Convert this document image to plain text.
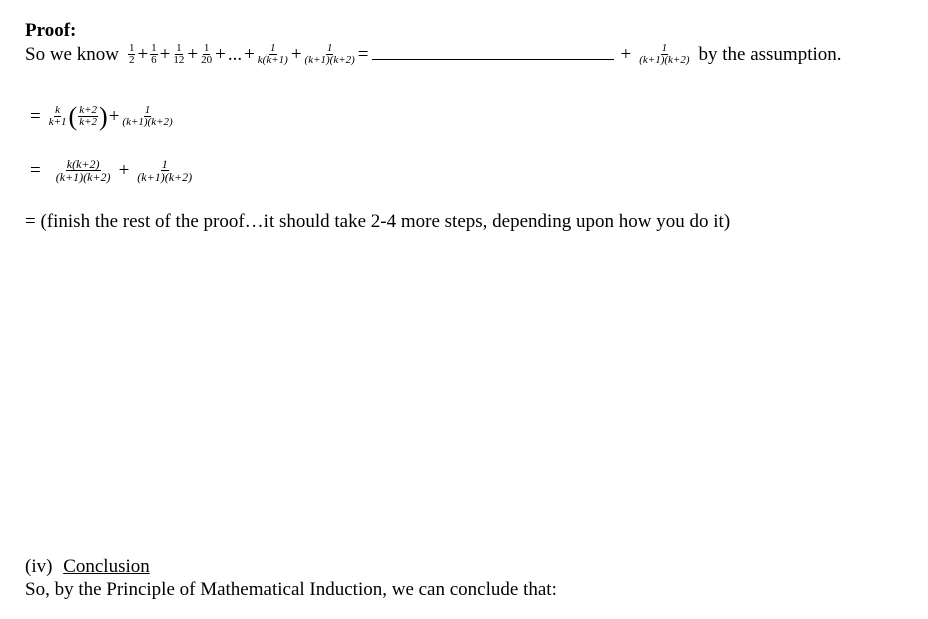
Proof:
So we know $\frac{1}{2} + \frac{1}{6} + \frac{1}{12} + \frac{1}{20}$ + ... + $\frac{1}{k(k+1)} + \frac{1}{(k+1)(k+2)}$ =	+ $\frac{1}{(k+1)(k+2)}$ by the assumption.
= $\frac{k}{k+1}$ ( $\frac{k+2}{k+2}$ ) + $\frac{1}{(k+1)(k+2)}$
= $\frac{k(k+2)}{(k+1)(k+2)} + \frac{1}{(k+1)(k+2)}$
= (finish the rest of the proof…it should take 2-4 more steps, depending upon how you do it)
(iv) Conclusion
So, by the Principle of Mathematical Induction, we can conclude that:
